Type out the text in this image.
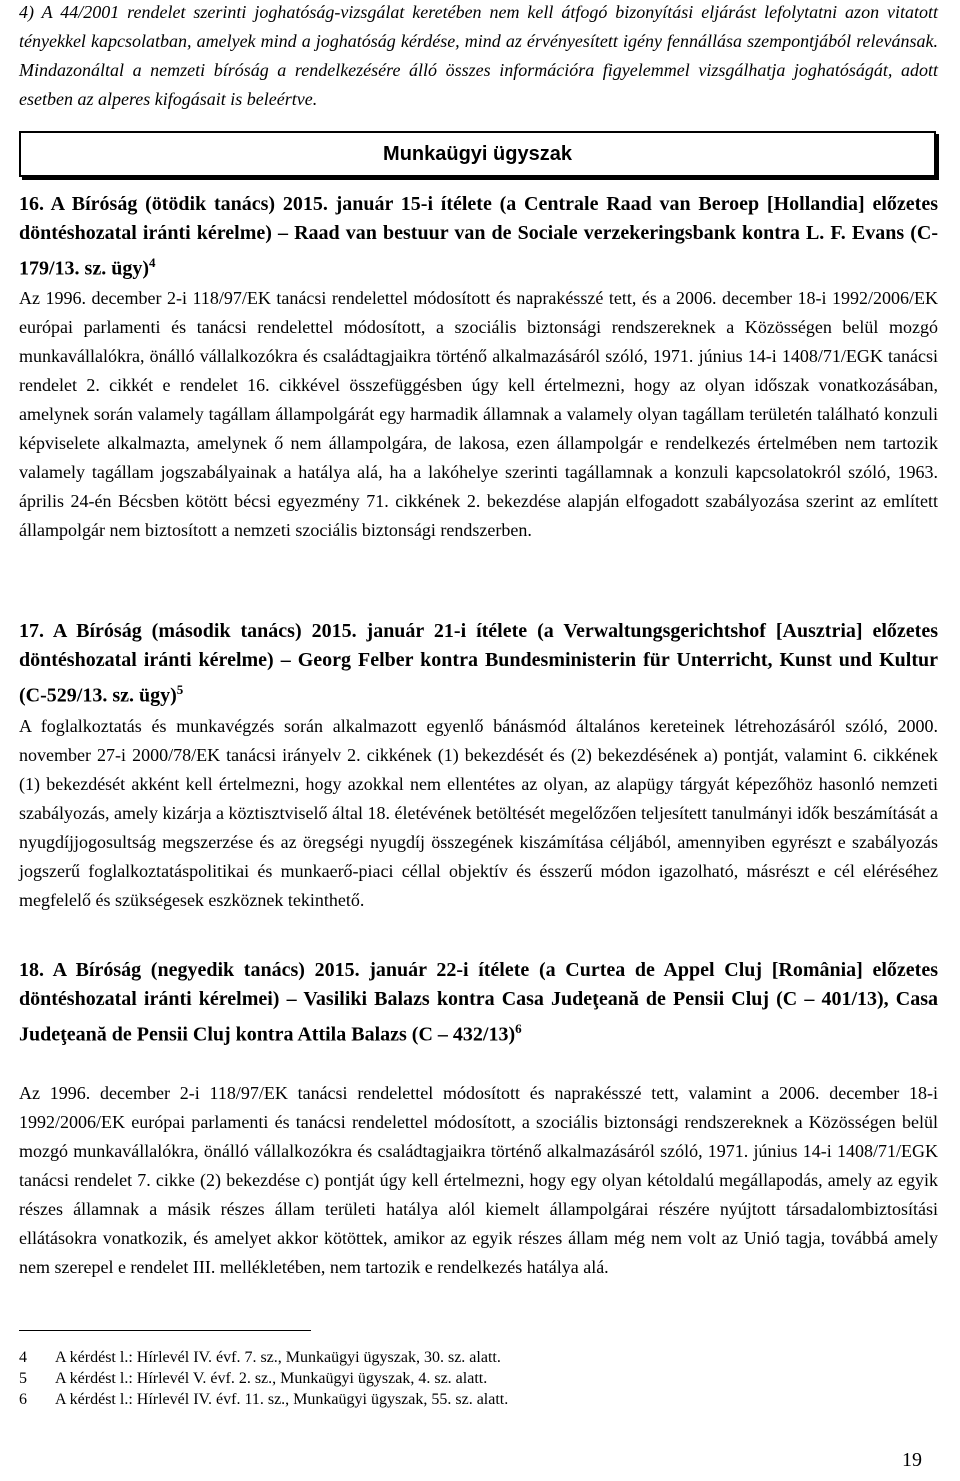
4) A 44/2001 rendelet szerinti joghatóság-vizsgálat keretében nem kell átfogó bizonyítási eljárást lefolytatni azon vitatott tényekkel kapcsolatban, amelyek mind a joghatóság kérdése, mind az érvényesített igény fennállása szempontjából relevánsak. Mindazonáltal a nemzeti bíróság a rendelkezésére álló összes információra figyelemmel vizsgálhatja joghatóságát, adott esetben az alperes kifogásait is beleértve.

Munkaügyi ügyszak

16. A Bíróság (ötödik tanács) 2015. január 15-i ítélete (a Centrale Raad van Beroep [Hollandia] előzetes döntéshozatal iránti kérelme) – Raad van bestuur van de Sociale verzekeringsbank kontra L. F. Evans (C-179/13. sz. ügy)$^4$

Az 1996. december 2-i 118/97/EK tanácsi rendelettel módosított és naprakésszé tett, és a 2006. december 18-i 1992/2006/EK európai parlamenti és tanácsi rendelettel módosított, a szociális biztonsági rendszereknek a Közösségen belül mozgó munkavállalókra, önálló vállalkozókra és családtagjaikra történő alkalmazásáról szóló, 1971. június 14-i 1408/71/EGK tanácsi rendelet 2. cikkét e rendelet 16. cikkével összefüggésben úgy kell értelmezni, hogy az olyan időszak vonatkozásában, amelynek során valamely tagállam állampolgárát egy harmadik államnak a valamely olyan tagállam területén található konzuli képviselete alkalmazta, amelynek ő nem állampolgára, de lakosa, ezen állampolgár e rendelkezés értelmében nem tartozik valamely tagállam jogszabályainak a hatálya alá, ha a lakóhelye szerinti tagállamnak a konzuli kapcsolatokról szóló, 1963. április 24-én Bécsben kötött bécsi egyezmény 71. cikkének 2. bekezdése alapján elfogadott szabályozása szerint az említett állampolgár nem biztosított a nemzeti szociális biztonsági rendszerben.

17. A Bíróság (második tanács) 2015. január 21-i ítélete (a Verwaltungsgerichtshof [Ausztria] előzetes döntéshozatal iránti kérelme) – Georg Felber kontra Bundesministerin für Unterricht, Kunst und Kultur (C-529/13. sz. ügy)$^5$

A foglalkoztatás és munkavégzés során alkalmazott egyenlő bánásmód általános kereteinek létrehozásáról szóló, 2000. november 27-i 2000/78/EK tanácsi irányelv 2. cikkének (1) bekezdését és (2) bekezdésének a) pontját, valamint 6. cikkének (1) bekezdését akként kell értelmezni, hogy azokkal nem ellentétes az olyan, az alapügy tárgyát képezőhöz hasonló nemzeti szabályozás, amely kizárja a köztisztviselő által 18. életévének betöltését megelőzően teljesített tanulmányi idők beszámítását a nyugdíjjogosultság megszerzése és az öregségi nyugdíj összegének kiszámítása céljából, amennyiben egyrészt e szabályozás jogszerű foglalkoztatáspolitikai és munkaerő-piaci céllal objektív és ésszerű módon igazolható, másrészt e cél eléréséhez megfelelő és szükségesek eszköznek tekinthető.

18. A Bíróság (negyedik tanács) 2015. január 22-i ítélete (a Curtea de Appel Cluj [România] előzetes döntéshozatal iránti kérelmei) – Vasiliki Balazs kontra Casa Judeţeană de Pensii Cluj (C – 401/13), Casa Judeţeană de Pensii Cluj kontra Attila Balazs (C – 432/13)$^6$

Az 1996. december 2-i 118/97/EK tanácsi rendelettel módosított és naprakésszé tett, valamint a 2006. december 18-i 1992/2006/EK európai parlamenti és tanácsi rendelettel módosított, a szociális biztonsági rendszereknek a Közösségen belül mozgó munkavállalókra, önálló vállalkozókra és családtagjaikra történő alkalmazásáról szóló, 1971. június 14-i 1408/71/EGK tanácsi rendelet 7. cikke (2) bekezdése c) pontját úgy kell értelmezni, hogy egy olyan kétoldalú megállapodás, amely az egyik részes államnak a másik részes állam területi hatálya alól kiemelt állampolgárai részére nyújtott társadalombiztosítási ellátásokra vonatkozik, és amelyet akkor kötöttek, amikor az egyik részes állam még nem volt az Unió tagja, továbbá amely nem szerepel e rendelet III. mellékletében, nem tartozik e rendelkezés hatálya alá.

4	A kérdést l.: Hírlevél IV. évf. 7. sz., Munkaügyi ügyszak, 30. sz. alatt.
5	A kérdést l.: Hírlevél V. évf. 2. sz., Munkaügyi ügyszak, 4. sz. alatt.
6	A kérdést l.: Hírlevél IV. évf. 11. sz., Munkaügyi ügyszak, 55. sz. alatt.
19
